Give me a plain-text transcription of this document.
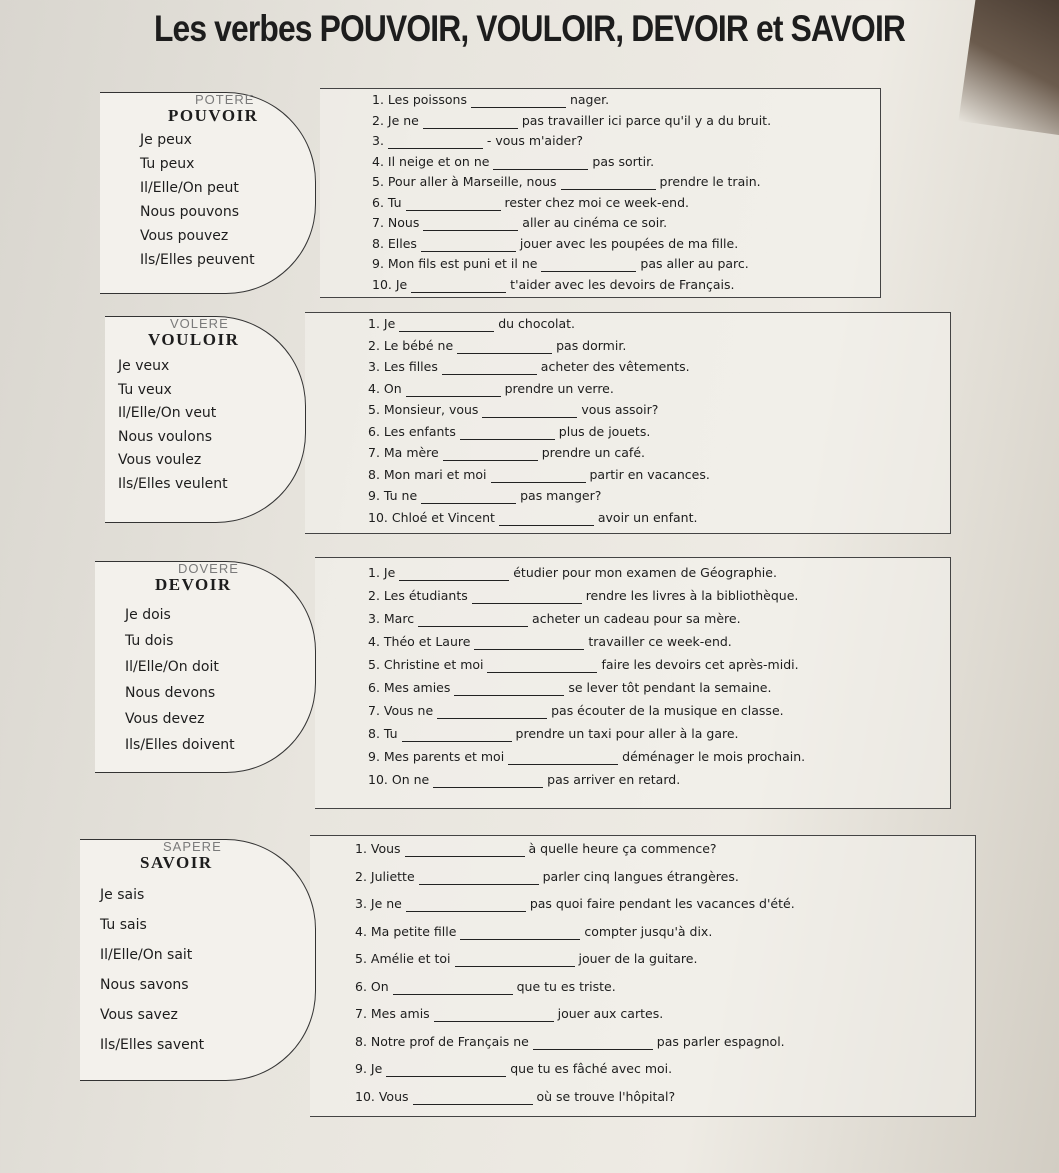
Les verbes POUVOIR, VOULOIR, DEVOIR et SAVOIR
POTERE
POUVOIR
Je peux
Tu peux
Il/Elle/On peut
Nous pouvons
Vous pouvez
Ils/Elles peuvent
1. Les poissons	nager.
2. Je ne	pas travailler ici parce qu'il y a du bruit.
3.	- vous m'aider?
4. Il neige et on ne	pas sortir.
5. Pour aller à Marseille, nous	prendre le train.
6. Tu	rester chez moi ce week-end.
7. Nous	aller au cinéma ce soir.
8. Elles	jouer avec les poupées de ma fille.
9. Mon fils est puni et il ne	pas aller au parc.
10. Je	t'aider avec les devoirs de Français.
VOLERE
VOULOIR
Je veux
Tu veux
Il/Elle/On veut
Nous voulons
Vous voulez
Ils/Elles veulent
1. Je	du chocolat.
2. Le bébé ne	pas dormir.
3. Les filles	acheter des vêtements.
4. On	prendre un verre.
5. Monsieur, vous	vous assoir?
6. Les enfants	plus de jouets.
7. Ma mère	prendre un café.
8. Mon mari et moi	partir en vacances.
9. Tu ne	pas manger?
10. Chloé et Vincent	avoir un enfant.
DOVERE
DEVOIR
Je dois
Tu dois
Il/Elle/On doit
Nous devons
Vous devez
Ils/Elles doivent
1. Je	étudier pour mon examen de Géographie.
2. Les étudiants	rendre les livres à la bibliothèque.
3. Marc	acheter un cadeau pour sa mère.
4. Théo et Laure	travailler ce week-end.
5. Christine et moi	faire les devoirs cet après-midi.
6. Mes amies	se lever tôt pendant la semaine.
7. Vous ne	pas écouter de la musique en classe.
8. Tu	prendre un taxi pour aller à la gare.
9. Mes parents et moi	déménager le mois prochain.
10. On ne	pas arriver en retard.
SAPERE
SAVOIR
Je sais
Tu sais
Il/Elle/On sait
Nous savons
Vous savez
Ils/Elles savent
1. Vous	à quelle heure ça commence?
2. Juliette	parler cinq langues étrangères.
3. Je ne	pas quoi faire pendant les vacances d'été.
4. Ma petite fille	compter jusqu'à dix.
5. Amélie et toi	jouer de la guitare.
6. On	que tu es triste.
7. Mes amis	jouer aux cartes.
8. Notre prof de Français ne	pas parler espagnol.
9. Je	que tu es fâché avec moi.
10. Vous	où se trouve l'hôpital?
